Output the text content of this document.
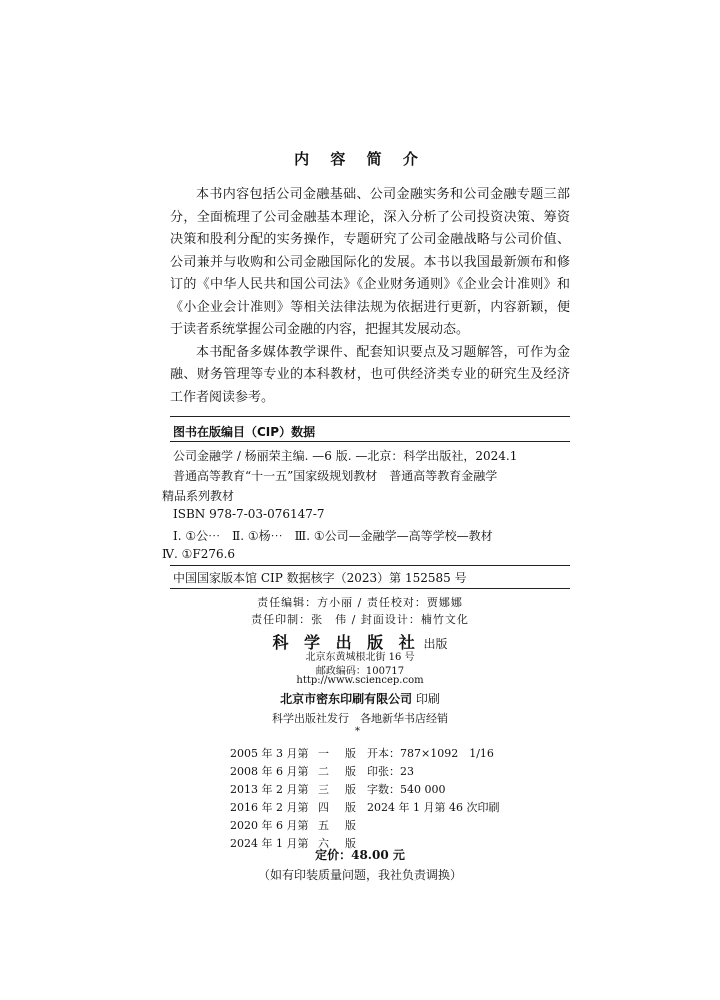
内 容 简 介

本书内容包括公司金融基础、公司金融实务和公司金融专题三部分，全面梳理了公司金融基本理论，深入分析了公司投资决策、筹资决策和股利分配的实务操作，专题研究了公司金融战略与公司价值、公司兼并与收购和公司金融国际化的发展。本书以我国最新颁布和修订的《中华人民共和国公司法》《企业财务通则》《企业会计准则》和《小企业会计准则》等相关法律法规为依据进行更新，内容新颖，便于读者系统掌握公司金融的内容，把握其发展动态。

本书配备多媒体教学课件、配套知识要点及习题解答，可作为金融、财务管理等专业的本科教材，也可供经济类专业的研究生及经济工作者阅读参考。

图书在版编目（CIP）数据
公司金融学 / 杨丽荣主编. —6 版. —北京：科学出版社，2024.1
普通高等教育“十一五”国家级规划教材　普通高等教育金融学
精品系列教材
ISBN 978-7-03-076147-7
Ⅰ. ①公⋯　Ⅱ. ①杨⋯　Ⅲ. ①公司—金融学—高等学校—教材
Ⅳ. ①F276.6
中国国家版本馆 CIP 数据核字（2023）第 152585 号
责任编辑：方小丽 / 责任校对：贾娜娜
责任印制：张　伟 / 封面设计：楠竹文化
科 学 出 版 社 出版
北京东黄城根北街 16 号
邮政编码：100717
http://www.sciencep.com
北京市密东印刷有限公司 印刷
科学出版社发行　各地新华书店经销
*
2005 年 3 月第 一 版 开本：787×1092　1/16
2008 年 6 月第 二 版 印张：23
2013 年 2 月第 三 版 字数：540 000
2016 年 2 月第 四 版 2024 年 1 月第 46 次印刷
2020 年 6 月第 五 版
2024 年 1 月第 六 版
定价：48.00 元
（如有印装质量问题，我社负责调换）
